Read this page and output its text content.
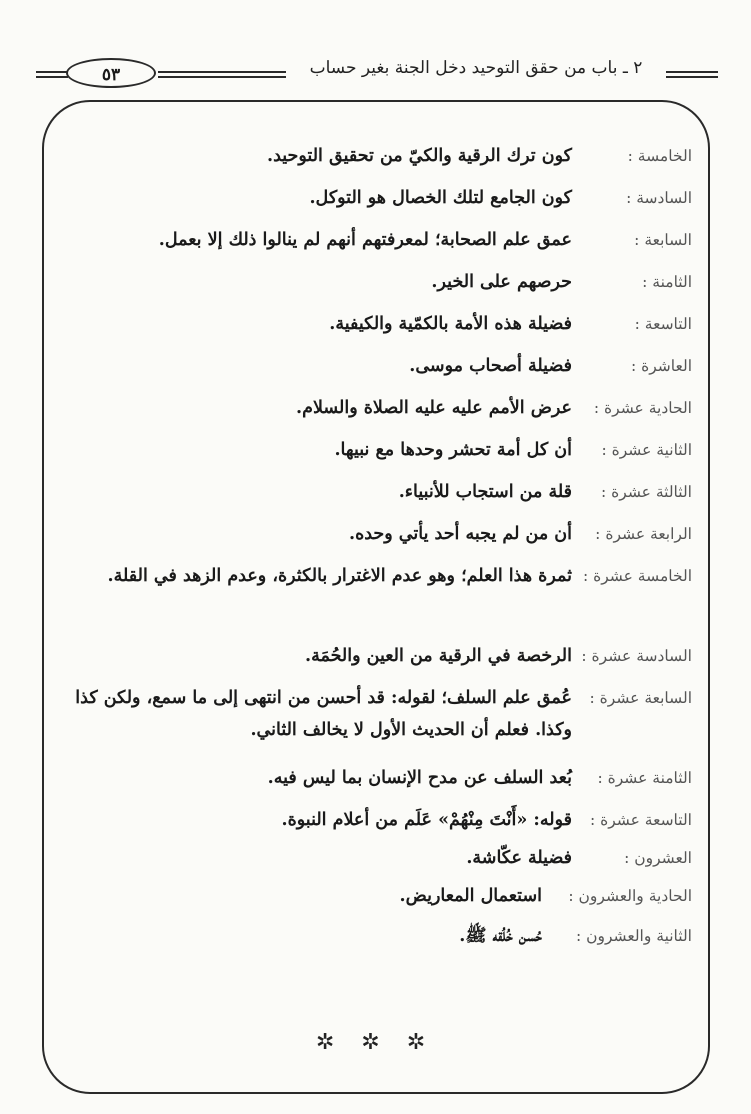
٥٣	٢ ـ باب من حقق التوحيد دخل الجنة بغير حساب
الخامسة :
كون ترك الرقية والكيّ من تحقيق التوحيد.
السادسة :
كون الجامع لتلك الخصال هو التوكل.
السابعة :
عمق علم الصحابة؛ لمعرفتهم أنهم لم ينالوا ذلك إلا بعمل.
الثامنة :
حرصهم على الخير.
التاسعة :
فضيلة هذه الأمة بالكمّية والكيفية.
العاشرة :
فضيلة أصحاب موسى.
الحادية عشرة :
عرض الأمم عليه عليه الصلاة والسلام.
الثانية عشرة :
أن كل أمة تحشر وحدها مع نبيها.
الثالثة عشرة :
قلة من استجاب للأنبياء.
الرابعة عشرة :
أن من لم يجبه أحد يأتي وحده.
الخامسة عشرة :
ثمرة هذا العلم؛ وهو عدم الاغترار بالكثرة، وعدم الزهد في القلة.
السادسة عشرة :
الرخصة في الرقية من العين والحُمَة.
السابعة عشرة :
عُمق علم السلف؛ لقوله: قد أحسن من انتهى إلى ما سمع، ولكن كذا وكذا. فعلم أن الحديث الأول لا يخالف الثاني.
الثامنة عشرة :
بُعد السلف عن مدح الإنسان بما ليس فيه.
التاسعة عشرة :
قوله: «أَنْتَ مِنْهُمْ» عَلَم من أعلام النبوة.
العشرون :
فضيلة عكّاشة.
الحادية والعشرون :
استعمال المعاريض.
الثانية والعشرون :
حُسن خُلُقه ﷺ.
✲ ✲ ✲
